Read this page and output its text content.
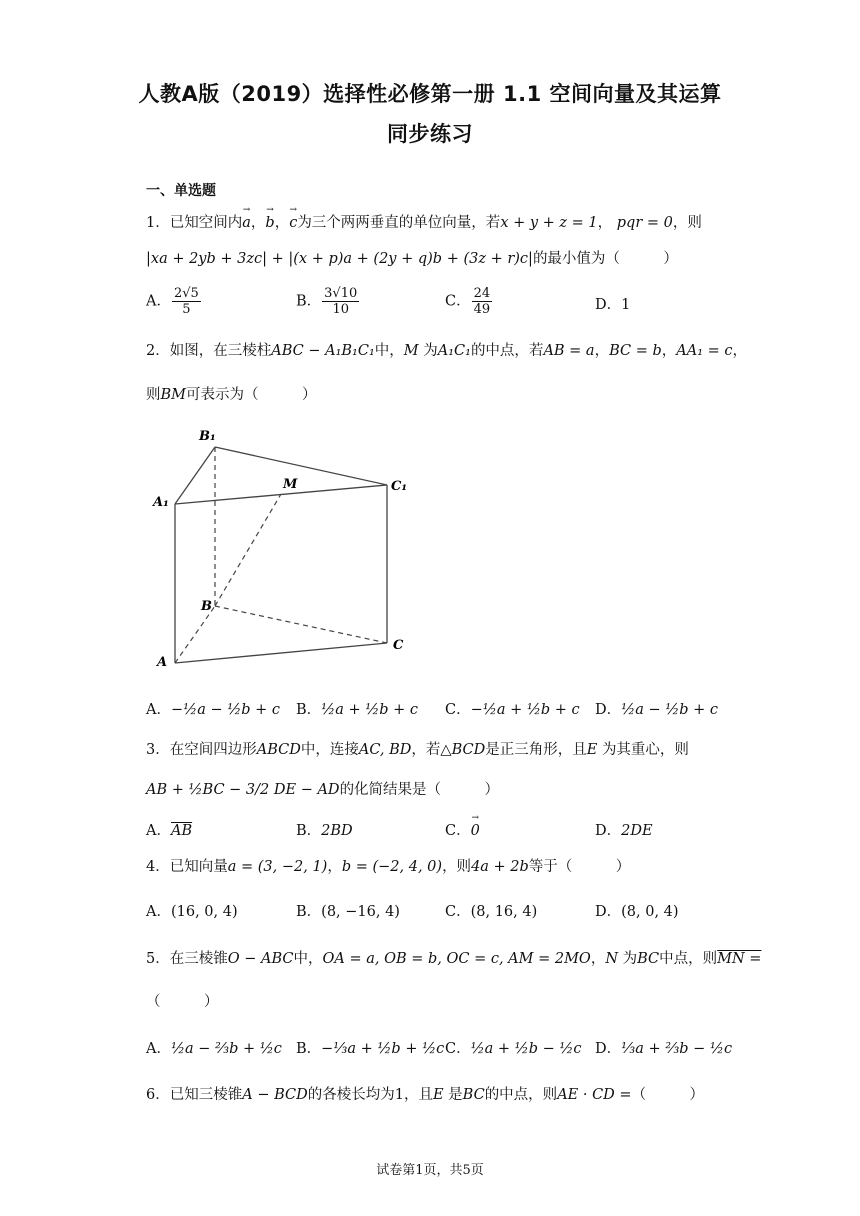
人教A版（2019）选择性必修第一册 1.1 空间向量及其运算
同步练习
一、单选题
1．已知空间内→ a，→ b，→ c为三个两两垂直的单位向量，若x + y + z = 1， pqr = 0，则
|xa + 2yb + 3zc| + |(x + p)a + (2y + q)b + (3z + r)c|的最小值为（　　　）
A． $\frac{2√5}{5}$	B． $\frac{3√10}{10}$	C． $\frac{24}{49}$	D．1
2．如图，在三棱柱ABC − A₁B₁C₁中，M 为A₁C₁的中点，若AB = a，BC = b，AA₁ = c，
则BM可表示为（　　　）
B₁
A₁
M	C₁
B
A
C
A．−½a − ½b + c B．½a + ½b + c C．−½a + ½b + c D．½a − ½b + c
3．在空间四边形ABCD中，连接AC, BD，若△BCD是正三角形，且E 为其重心，则
AB + ½BC − 3/2 DE − AD的化简结果是（　　　）
A．$\overline{AB}$	B．2BD	C．→ 0	D．2DE
4．已知向量a = (3, −2, 1)，b = (−2, 4, 0)，则4a + 2b等于（　　　）
A．(16, 0, 4)	B．(8, −16, 4)	C．(8, 16, 4)	D．(8, 0, 4)
5．在三棱锥O − ABC中，OA = a, OB = b, OC = c, AM = 2MO，N 为BC中点，则MN =
（　　　）
A．½a − ⅔b + ½c B．−⅓a + ½b + ½c C．½a + ½b − ½c D．⅓a + ⅔b − ½c
6．已知三棱锥A − BCD的各棱长均为1，且E 是BC的中点，则AE · CD =（　　　）
试卷第1页，共5页
